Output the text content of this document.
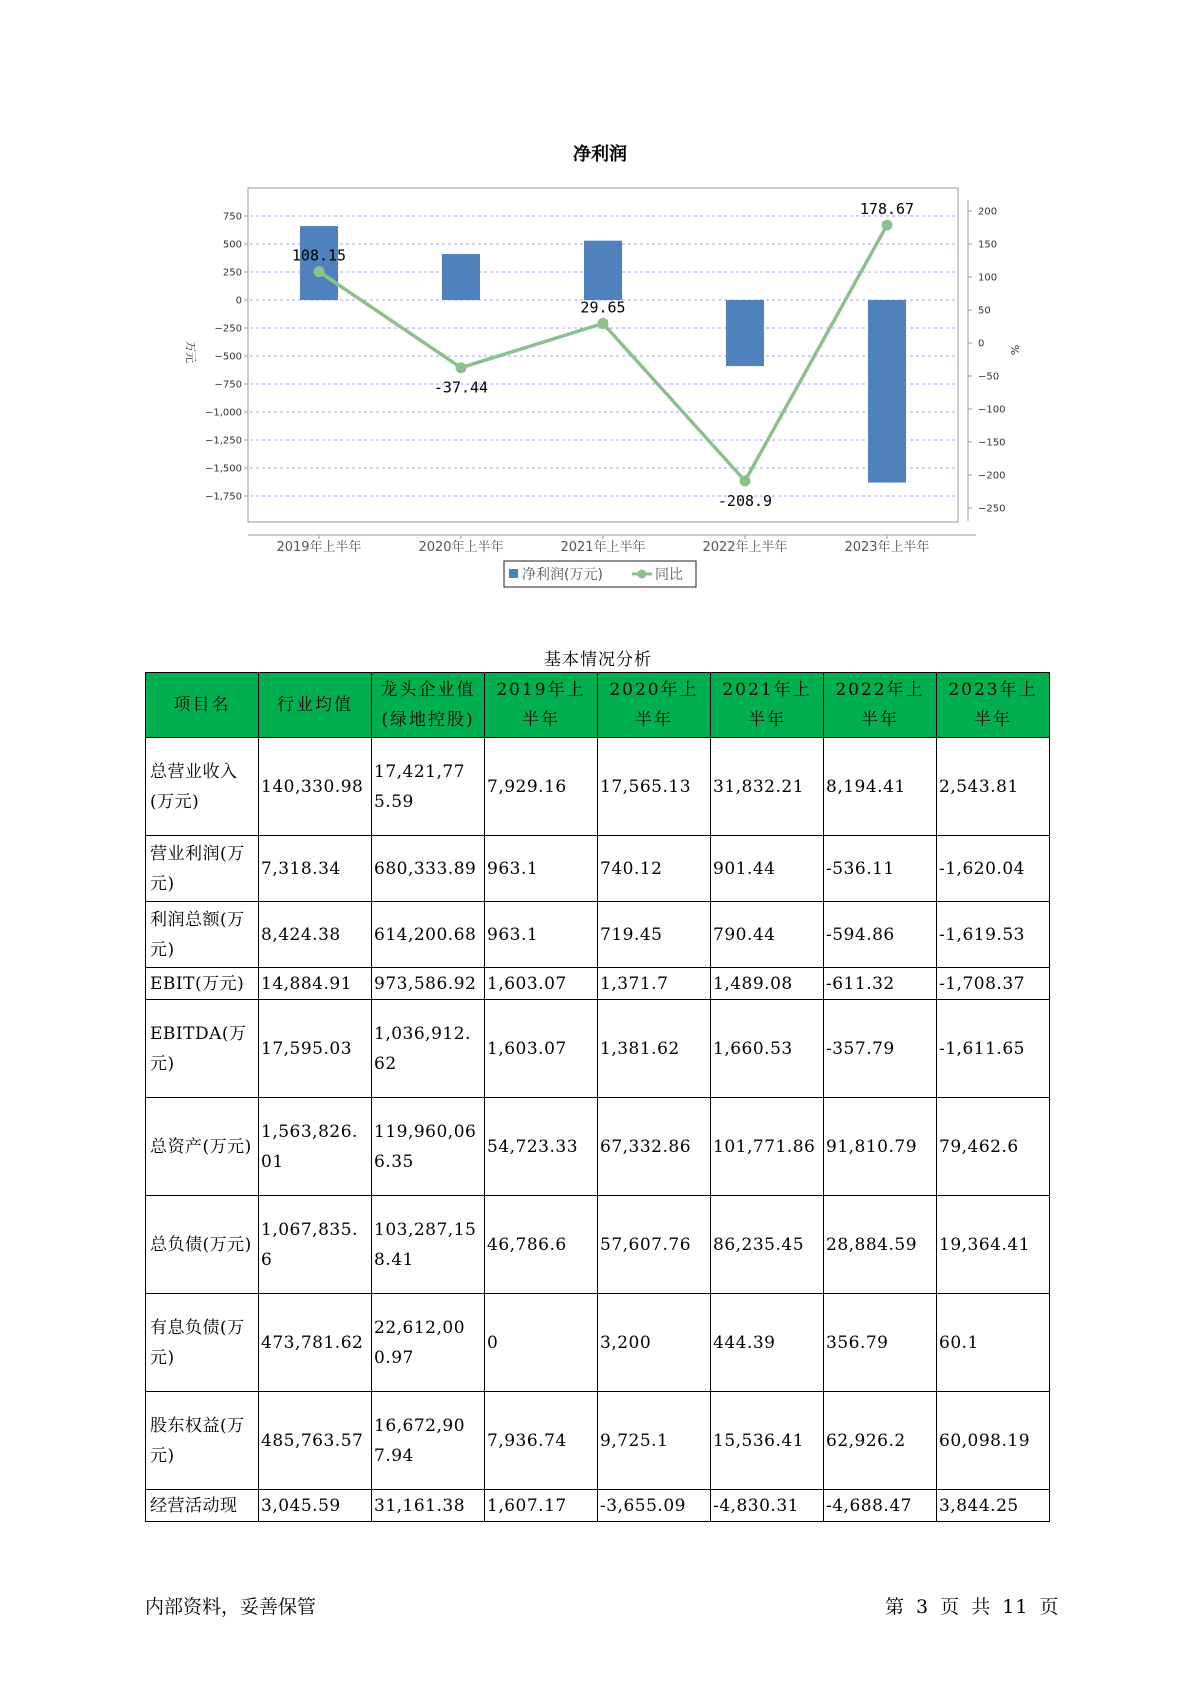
750
500
250
0
−250
−500
−750
−1,000
−1,250
−1,500
−1,750
200
150
100
50
0
−50
−100
−150
−200
−250
2019年上半年	2020年上半年	2021年上半年	2022年上半年	2023年上半年
净利润
万元	%
108.15
-37.44
29.65
-208.9
178.67
净利润(万元)	同比
基本情况分析
项目名	行业均值	龙头企业值(绿地控股)	2019年上半年	2020年上半年	2021年上半年	2022年上半年	2023年上半年
总营业收入(万元)	140,330.98	17,421,775.59	7,929.16	17,565.13	31,832.21	8,194.41	2,543.81
营业利润(万元)	7,318.34	680,333.89	963.1	740.12	901.44	-536.11	-1,620.04
利润总额(万元)	8,424.38	614,200.68	963.1	719.45	790.44	-594.86	-1,619.53
EBIT(万元)	14,884.91	973,586.92	1,603.07	1,371.7	1,489.08	-611.32	-1,708.37
EBITDA(万元)	17,595.03	1,036,912.62	1,603.07	1,381.62	1,660.53	-357.79	-1,611.65
总资产(万元)	1,563,826.01	119,960,066.35	54,723.33	67,332.86	101,771.86	91,810.79	79,462.6
总负债(万元)	1,067,835.6	103,287,158.41	46,786.6	57,607.76	86,235.45	28,884.59	19,364.41
有息负债(万元)	473,781.62	22,612,000.97	0	3,200	444.39	356.79	60.1
股东权益(万元)	485,763.57	16,672,907.94	7,936.74	9,725.1	15,536.41	62,926.2	60,098.19
经营活动现	3,045.59	31,161.38	1,607.17	-3,655.09	-4,830.31	-4,688.47	3,844.25
内部资料，妥善保管	第 3 页 共 11 页
